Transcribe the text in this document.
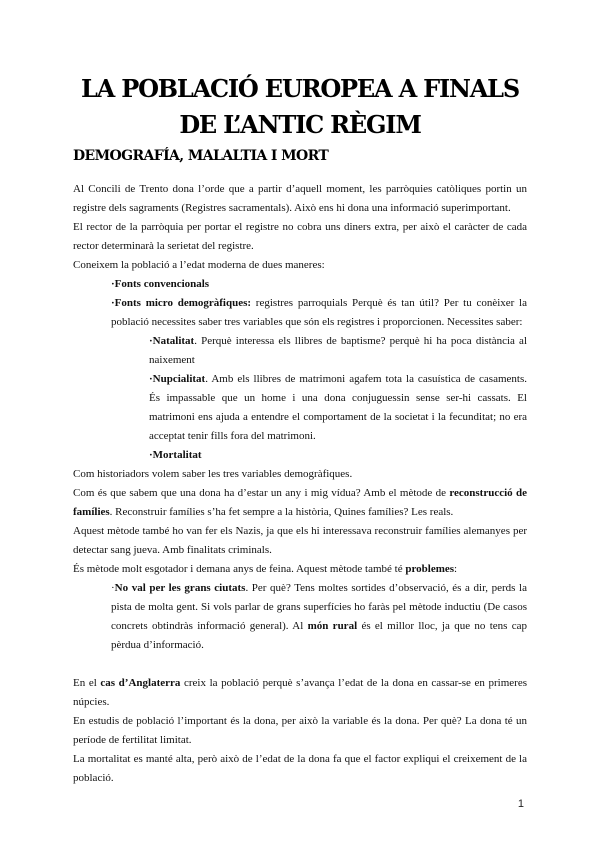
LA POBLACIÓ EUROPEA A FINALS
DE L’ANTIC RÈGIM
DEMOGRAFÍA, MALALTIA I MORT

Al Concili de Trento dona l’orde que a partir d’aquell moment, les parròquies catòliques portin un registre dels sagraments (Registres sacramentals). Això ens hi dona una informació superimportant.

El rector de la parròquia per portar el registre no cobra uns diners extra, per això el caràcter de cada rector determinarà la serietat del registre.

Coneixem la població a l’edat moderna de dues maneres:

·Fonts convencionals

·Fonts micro demogràfiques: registres parroquials Perquè és tan útil? Per tu conèixer la població necessites saber tres variables que són els registres i proporcionen. Necessites saber:

·Natalitat. Perquè interessa els llibres de baptisme? perquè hi ha poca distància al naixement

·Nupcialitat. Amb els llibres de matrimoni agafem tota la casuística de casaments. És impassable que un home i una dona conjuguessin sense ser-hi cassats. El matrimoni ens ajuda a entendre el comportament de la societat i la fecunditat; no era acceptat tenir fills fora del matrimoni.

·Mortalitat

Com historiadors volem saber les tres variables demogràfiques.

Com és que sabem que una dona ha d’estar un any i mig vídua? Amb el mètode de reconstrucció de famílies. Reconstruir famílies s’ha fet sempre a la història, Quines famílies? Les reals.

Aquest mètode també ho van fer els Nazis, ja que els hi interessava reconstruir famílies alemanyes per detectar sang jueva. Amb finalitats criminals.

És mètode molt esgotador i demana anys de feina. Aquest mètode també té problemes:

·No val per les grans ciutats. Per què? Tens moltes sortides d’observació, és a dir, perds la pista de molta gent. Si vols parlar de grans superfícies ho faràs pel mètode inductiu (De casos concrets obtindràs informació general). Al món rural és el millor lloc, ja que no tens cap pèrdua d’informació.

En el cas d’Anglaterra creix la població perquè s’avança l’edat de la dona en cassar-se en primeres núpcies.

En estudis de població l’important és la dona, per això la variable és la dona. Per què? La dona té un període de fertilitat limitat.

La mortalitat es manté alta, però això de l’edat de la dona fa que el factor expliqui el creixement de la població.

1
